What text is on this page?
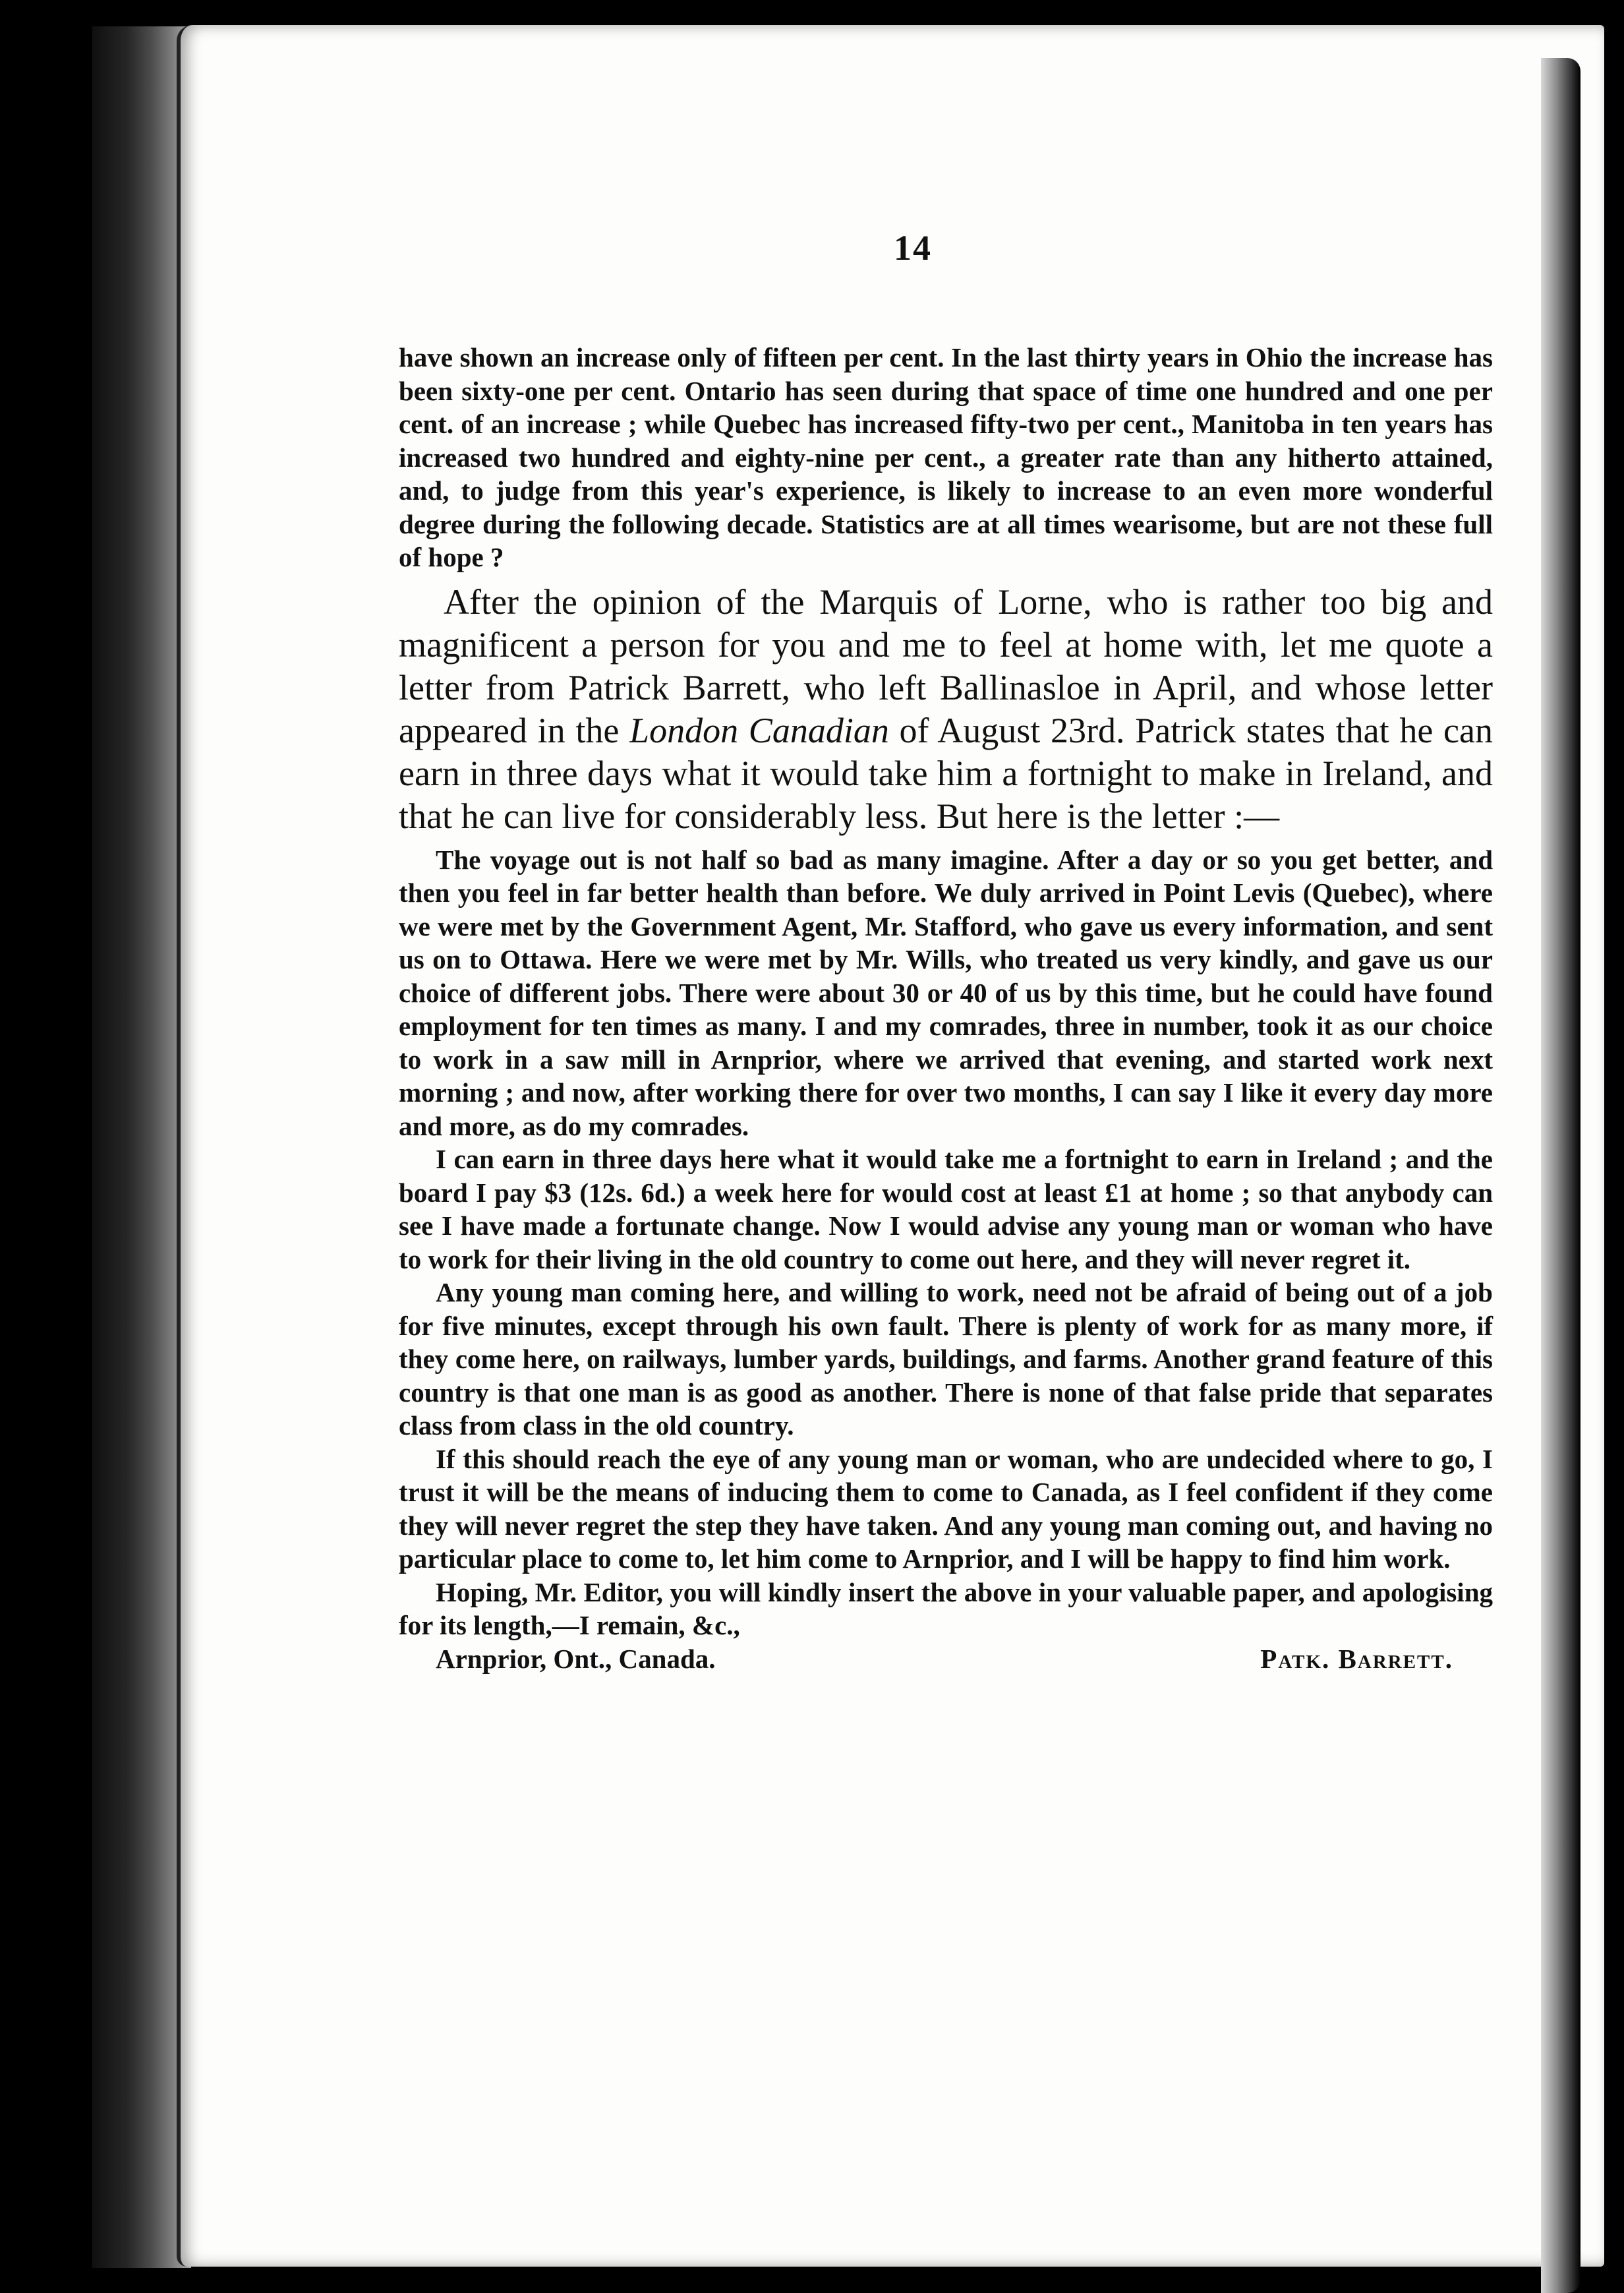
14

have shown an increase only of fifteen per cent. In the last thirty years in Ohio the increase has been sixty-one per cent. Ontario has seen during that space of time one hundred and one per cent. of an increase ; while Quebec has increased fifty-two per cent., Manitoba in ten years has increased two hundred and eighty-nine per cent., a greater rate than any hitherto attained, and, to judge from this year's experience, is likely to increase to an even more wonderful degree during the following decade. Statistics are at all times wearisome, but are not these full of hope ?

After the opinion of the Marquis of Lorne, who is rather too big and magnificent a person for you and me to feel at home with, let me quote a letter from Patrick Barrett, who left Ballinasloe in April, and whose letter appeared in the London Canadian of August 23rd. Patrick states that he can earn in three days what it would take him a fortnight to make in Ireland, and that he can live for considerably less. But here is the letter :—

The voyage out is not half so bad as many imagine. After a day or so you get better, and then you feel in far better health than before. We duly arrived in Point Levis (Quebec), where we were met by the Government Agent, Mr. Stafford, who gave us every information, and sent us on to Ottawa. Here we were met by Mr. Wills, who treated us very kindly, and gave us our choice of different jobs. There were about 30 or 40 of us by this time, but he could have found employment for ten times as many. I and my comrades, three in number, took it as our choice to work in a saw mill in Arnprior, where we arrived that evening, and started work next morning ; and now, after working there for over two months, I can say I like it every day more and more, as do my comrades.

I can earn in three days here what it would take me a fortnight to earn in Ireland ; and the board I pay $3 (12s. 6d.) a week here for would cost at least £1 at home ; so that anybody can see I have made a fortunate change. Now I would advise any young man or woman who have to work for their living in the old country to come out here, and they will never regret it.

Any young man coming here, and willing to work, need not be afraid of being out of a job for five minutes, except through his own fault. There is plenty of work for as many more, if they come here, on railways, lumber yards, buildings, and farms. Another grand feature of this country is that one man is as good as another. There is none of that false pride that separates class from class in the old country.

If this should reach the eye of any young man or woman, who are undecided where to go, I trust it will be the means of inducing them to come to Canada, as I feel confident if they come they will never regret the step they have taken. And any young man coming out, and having no particular place to come to, let him come to Arnprior, and I will be happy to find him work.

Hoping, Mr. Editor, you will kindly insert the above in your valuable paper, and apologising for its length,—I remain, &c.,

Arnprior, Ont., Canada.	Patk. Barrett.
